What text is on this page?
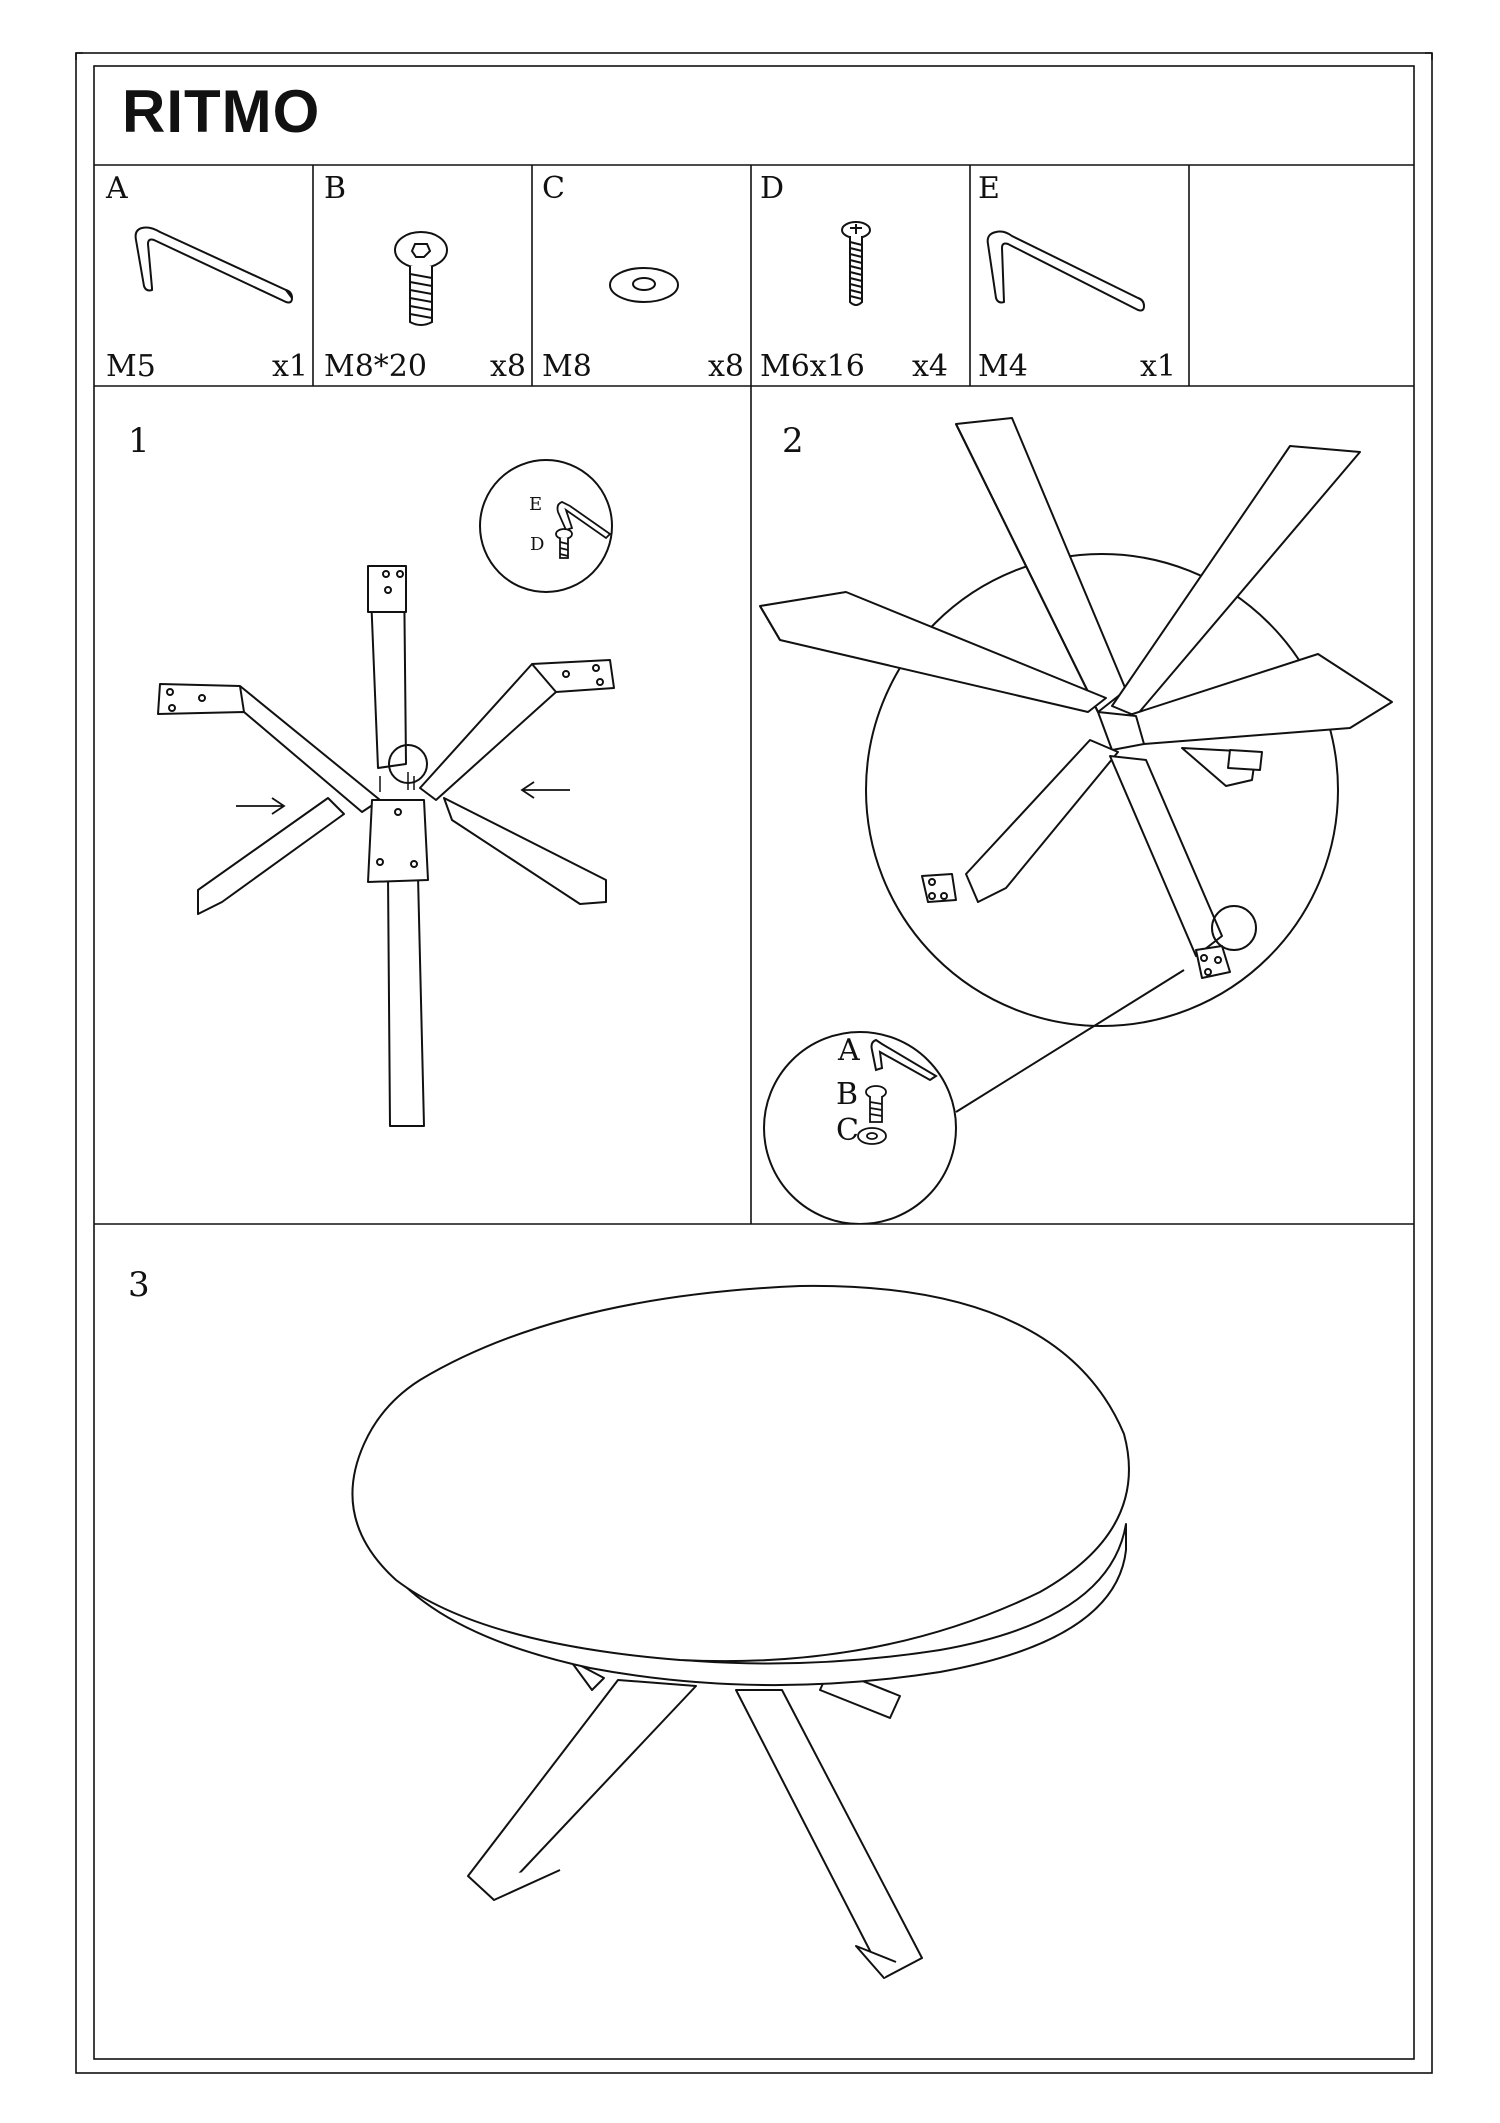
RITMO
A
M5	x1
B
M8*20 x8
C
M8	x8
D
M6x16 x4
E
M4	x1
1
E
D
2
A
B
C
3
